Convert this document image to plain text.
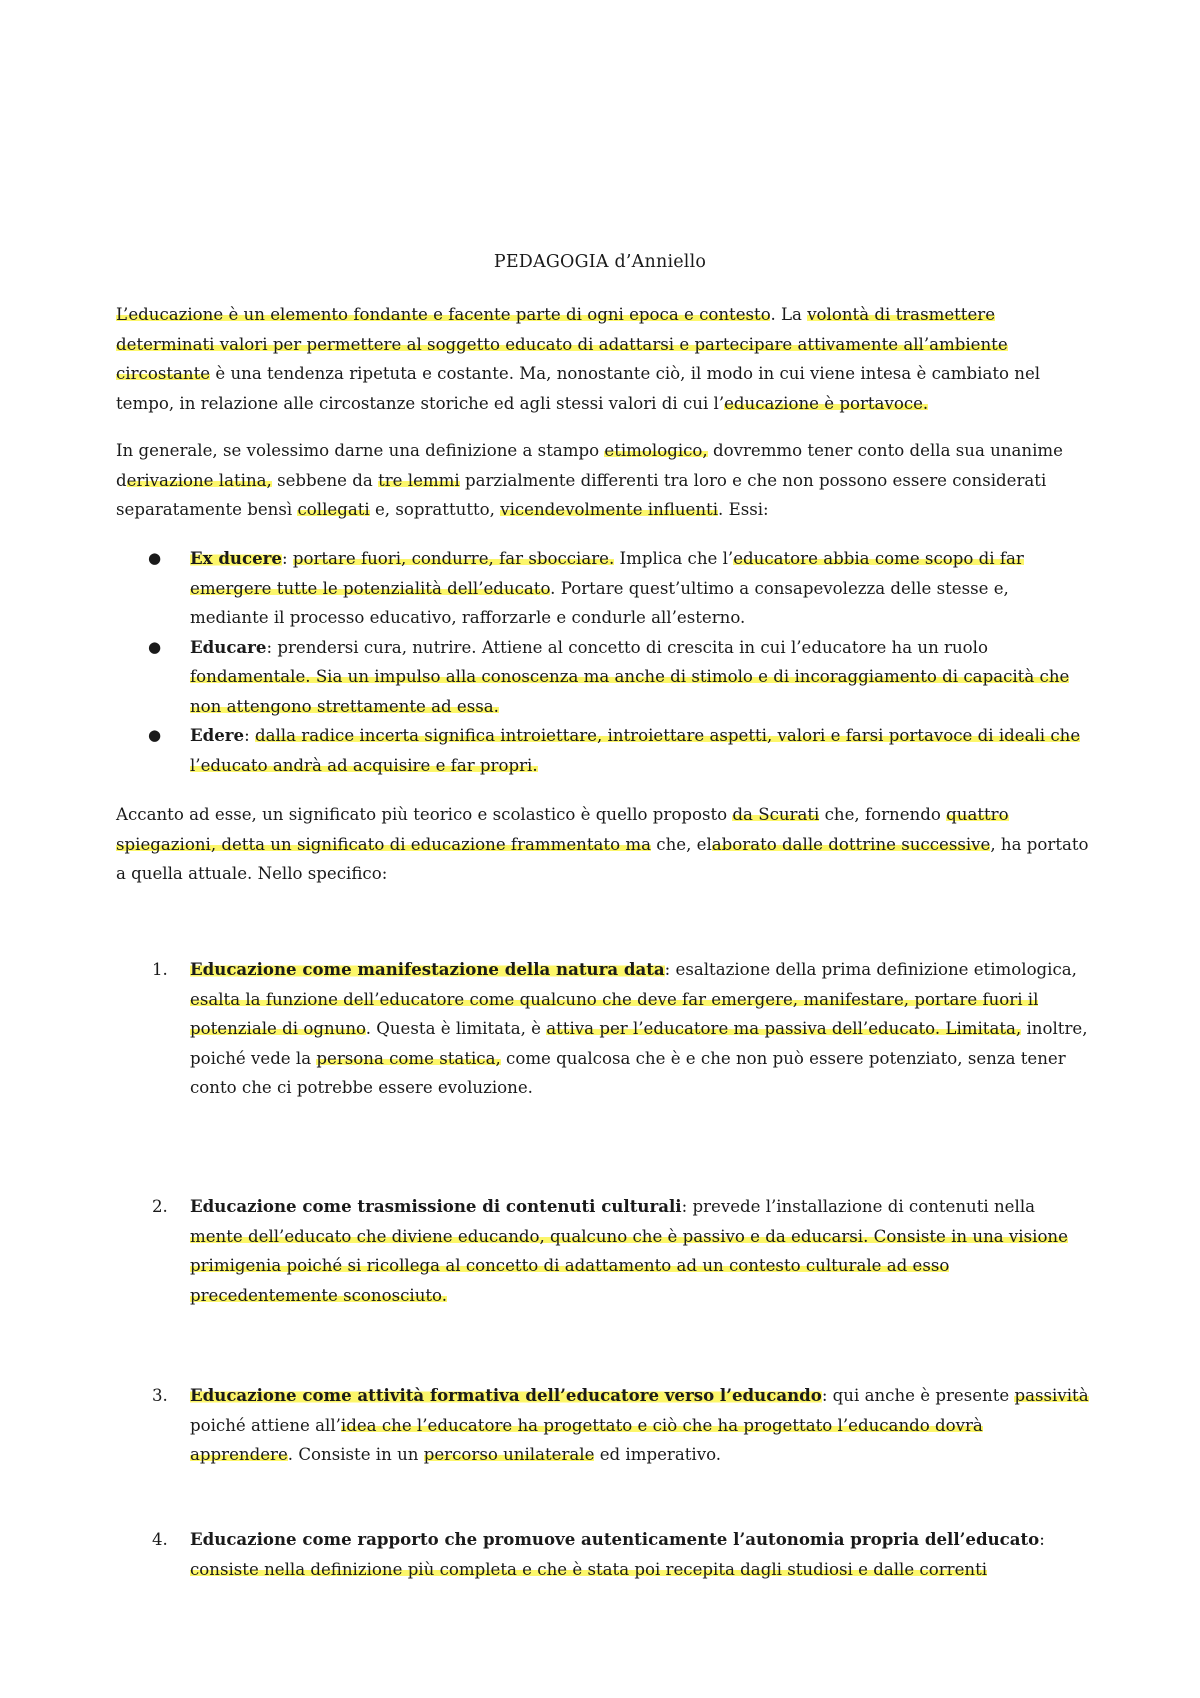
PEDAGOGIA d’Anniello
L’educazione è un elemento fondante e facente parte di ogni epoca e contesto. La volontà di trasmettere determinati valori per permettere al soggetto educato di adattarsi e partecipare attivamente all’ambiente circostante è una tendenza ripetuta e costante. Ma, nonostante ciò, il modo in cui viene intesa è cambiato nel tempo, in relazione alle circostanze storiche ed agli stessi valori di cui l’educazione è portavoce.
In generale, se volessimo darne una definizione a stampo etimologico, dovremmo tener conto della sua unanime derivazione latina, sebbene da tre lemmi parzialmente differenti tra loro e che non possono essere considerati separatamente bensì collegati e, soprattutto, vicendevolmente influenti. Essi:
● Ex ducere: portare fuori, condurre, far sbocciare. Implica che l’educatore abbia come scopo di far emergere tutte le potenzialità dell’educato. Portare quest’ultimo a consapevolezza delle stesse e, mediante il processo educativo, rafforzarle e condurle all’esterno.
● Educare: prendersi cura, nutrire. Attiene al concetto di crescita in cui l’educatore ha un ruolo fondamentale. Sia un impulso alla conoscenza ma anche di stimolo e di incoraggiamento di capacità che non attengono strettamente ad essa.
● Edere: dalla radice incerta significa introiettare, introiettare aspetti, valori e farsi portavoce di ideali che l’educato andrà ad acquisire e far propri.
Accanto ad esse, un significato più teorico e scolastico è quello proposto da Scurati che, fornendo quattro spiegazioni, detta un significato di educazione frammentato ma che, elaborato dalle dottrine successive, ha portato a quella attuale. Nello specifico:
1. Educazione come manifestazione della natura data: esaltazione della prima definizione etimologica, esalta la funzione dell’educatore come qualcuno che deve far emergere, manifestare, portare fuori il potenziale di ognuno. Questa è limitata, è attiva per l’educatore ma passiva dell’educato. Limitata, inoltre, poiché vede la persona come statica, come qualcosa che è e che non può essere potenziato, senza tener conto che ci potrebbe essere evoluzione.
2. Educazione come trasmissione di contenuti culturali: prevede l’installazione di contenuti nella mente dell’educato che diviene educando, qualcuno che è passivo e da educarsi. Consiste in una visione primigenia poiché si ricollega al concetto di adattamento ad un contesto culturale ad esso precedentemente sconosciuto.
3. Educazione come attività formativa dell’educatore verso l’educando: qui anche è presente passività poiché attiene all’idea che l’educatore ha progettato e ciò che ha progettato l’educando dovrà apprendere. Consiste in un percorso unilaterale ed imperativo.
4. Educazione come rapporto che promuove autenticamente l’autonomia propria dell’educato: consiste nella definizione più completa e che è stata poi recepita dagli studiosi e dalle correnti
